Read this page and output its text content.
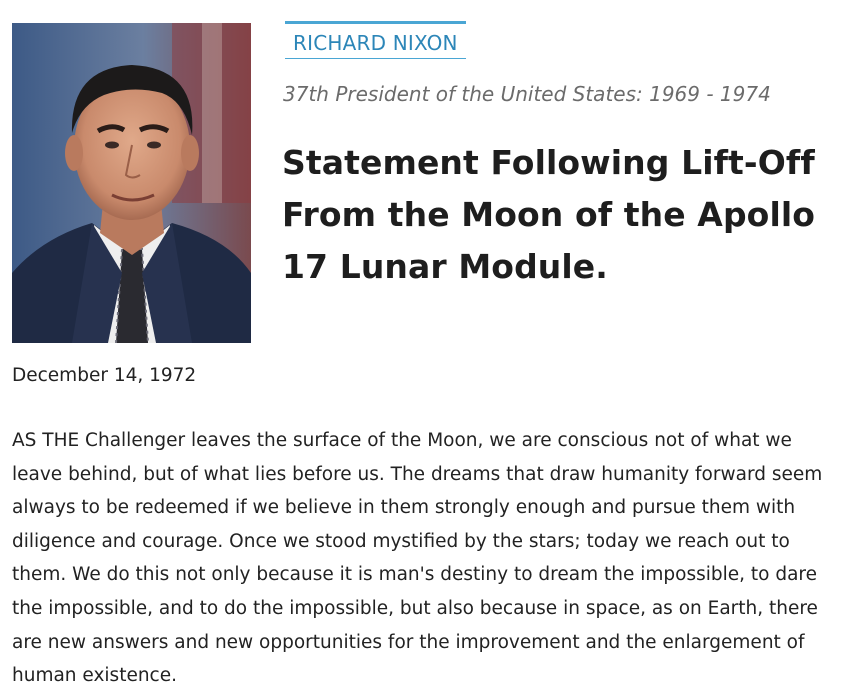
RICHARD NIXON

37th President of the United States: 1969 - 1974

Statement Following Lift-Off From the Moon of the Apollo 17 Lunar Module.

December 14, 1972

AS THE Challenger leaves the surface of the Moon, we are conscious not of what we leave behind, but of what lies before us. The dreams that draw humanity forward seem always to be redeemed if we believe in them strongly enough and pursue them with diligence and courage. Once we stood mystified by the stars; today we reach out to them. We do this not only because it is man's destiny to dream the impossible, to dare the impossible, and to do the impossible, but also because in space, as on Earth, there are new answers and new opportunities for the improvement and the enlargement of human existence.
